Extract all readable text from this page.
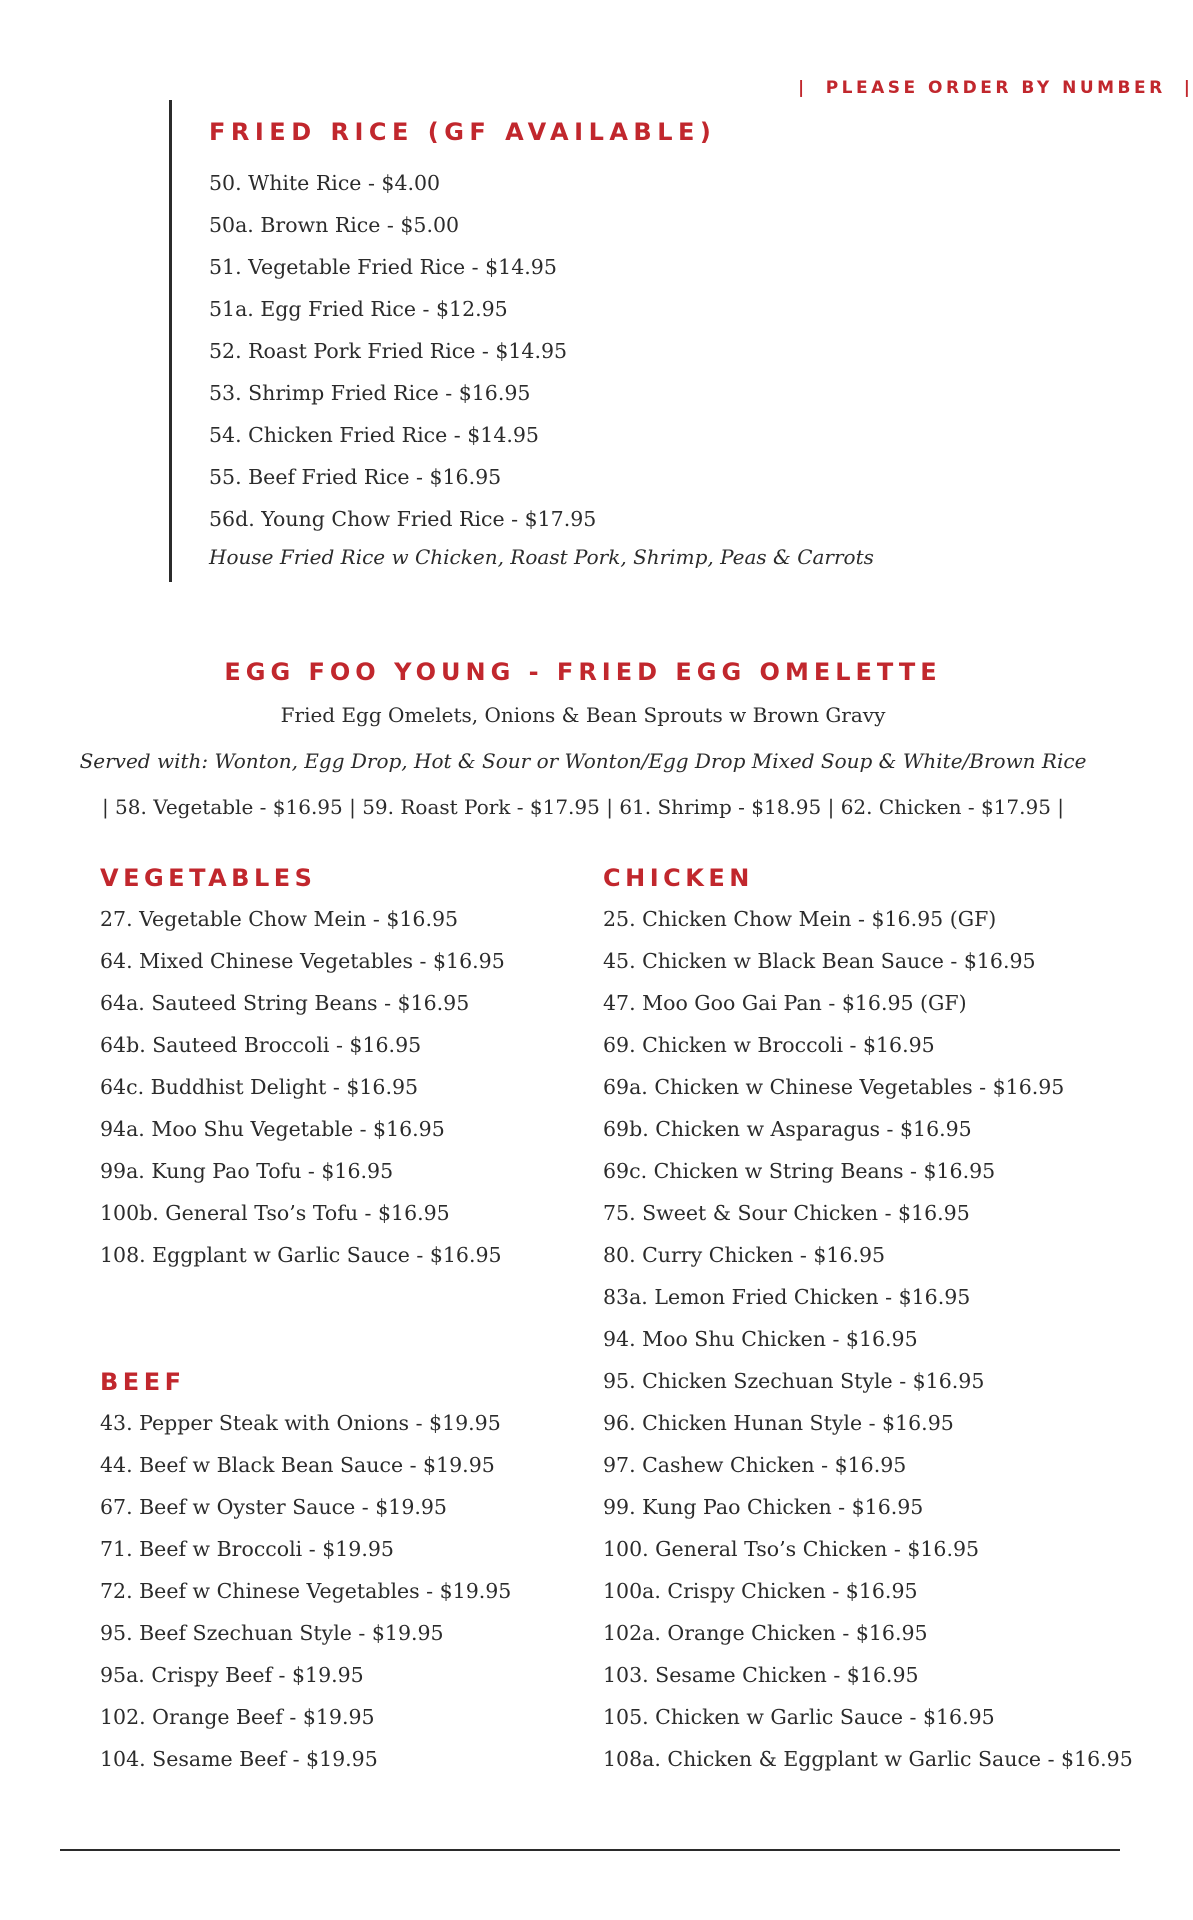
| PLEASE ORDER BY NUMBER |
FRIED RICE (GF AVAILABLE)
50. White Rice - $4.00
50a. Brown Rice - $5.00
51. Vegetable Fried Rice - $14.95
51a. Egg Fried Rice - $12.95
52. Roast Pork Fried Rice - $14.95
53. Shrimp Fried Rice - $16.95
54. Chicken Fried Rice - $14.95
55. Beef Fried Rice - $16.95
56d. Young Chow Fried Rice - $17.95
House Fried Rice w Chicken, Roast Pork, Shrimp, Peas & Carrots
EGG FOO YOUNG - FRIED EGG OMELETTE
Fried Egg Omelets, Onions & Bean Sprouts w Brown Gravy
Served with: Wonton, Egg Drop, Hot & Sour or Wonton/Egg Drop Mixed Soup & White/Brown Rice
| 58. Vegetable - $16.95 | 59. Roast Pork - $17.95 | 61. Shrimp - $18.95 | 62. Chicken - $17.95 |
VEGETABLES
27. Vegetable Chow Mein - $16.95
64. Mixed Chinese Vegetables - $16.95
64a. Sauteed String Beans - $16.95
64b. Sauteed Broccoli - $16.95
64c. Buddhist Delight - $16.95
94a. Moo Shu Vegetable - $16.95
99a. Kung Pao Tofu - $16.95
100b. General Tso’s Tofu - $16.95
108. Eggplant w Garlic Sauce - $16.95
BEEF
43. Pepper Steak with Onions - $19.95
44. Beef w Black Bean Sauce - $19.95
67. Beef w Oyster Sauce - $19.95
71. Beef w Broccoli - $19.95
72. Beef w Chinese Vegetables - $19.95
95. Beef Szechuan Style - $19.95
95a. Crispy Beef - $19.95
102. Orange Beef - $19.95
104. Sesame Beef - $19.95
CHICKEN
25. Chicken Chow Mein - $16.95 (GF)
45. Chicken w Black Bean Sauce - $16.95
47. Moo Goo Gai Pan - $16.95 (GF)
69. Chicken w Broccoli - $16.95
69a. Chicken w Chinese Vegetables - $16.95
69b. Chicken w Asparagus - $16.95
69c. Chicken w String Beans - $16.95
75. Sweet & Sour Chicken - $16.95
80. Curry Chicken - $16.95
83a. Lemon Fried Chicken - $16.95
94. Moo Shu Chicken - $16.95
95. Chicken Szechuan Style - $16.95
96. Chicken Hunan Style - $16.95
97. Cashew Chicken - $16.95
99. Kung Pao Chicken - $16.95
100. General Tso’s Chicken - $16.95
100a. Crispy Chicken - $16.95
102a. Orange Chicken - $16.95
103. Sesame Chicken - $16.95
105. Chicken w Garlic Sauce - $16.95
108a. Chicken & Eggplant w Garlic Sauce - $16.95
